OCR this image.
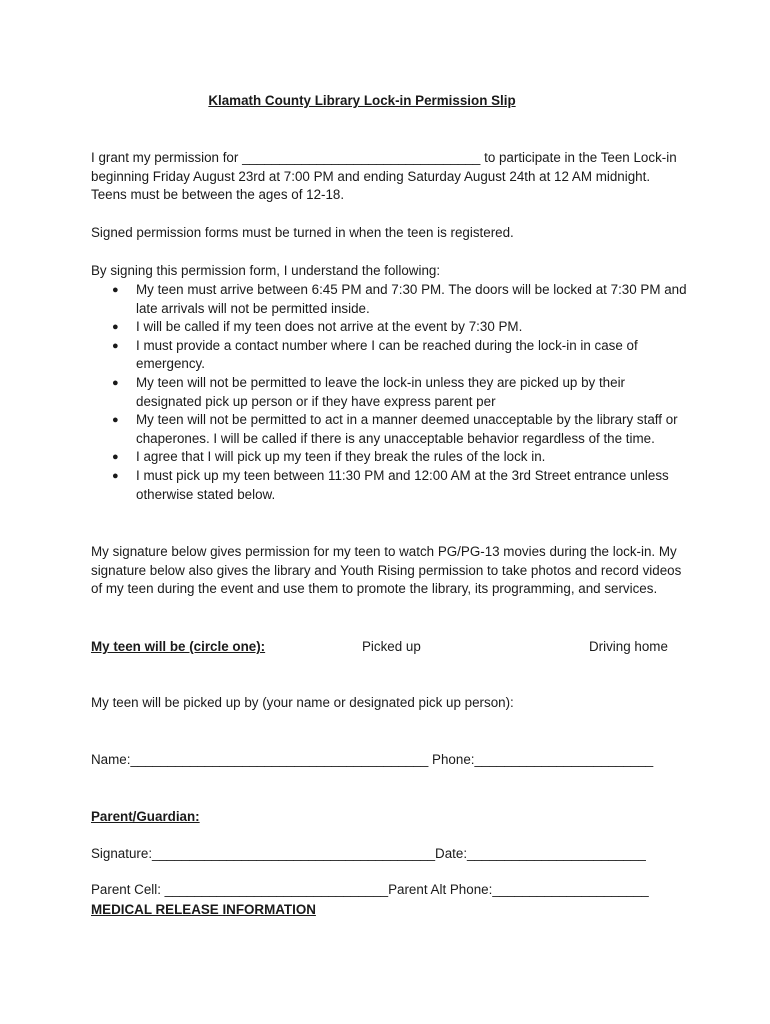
Klamath County Library Lock-in Permission Slip

I grant my permission for ________________________________ to participate in the Teen Lock-in beginning Friday August 23rd at 7:00 PM and ending Saturday August 24th at 12 AM midnight. Teens must be between the ages of 12-18.

Signed permission forms must be turned in when the teen is registered.

By signing this permission form, I understand the following:

● My teen must arrive between 6:45 PM and 7:30 PM. The doors will be locked at 7:30 PM and late arrivals will not be permitted inside.
● I will be called if my teen does not arrive at the event by 7:30 PM.
● I must provide a contact number where I can be reached during the lock-in in case of emergency.
● My teen will not be permitted to leave the lock-in unless they are picked up by their designated pick up person or if they have express parent per
● My teen will not be permitted to act in a manner deemed unacceptable by the library staff or chaperones. I will be called if there is any unacceptable behavior regardless of the time.
● I agree that I will pick up my teen if they break the rules of the lock in.
● I must pick up my teen between 11:30 PM and 12:00 AM at the 3rd Street entrance unless otherwise stated below.

My signature below gives permission for my teen to watch PG/PG-13 movies during the lock-in. My signature below also gives the library and Youth Rising permission to take photos and record videos of my teen during the event and use them to promote the library, its programming, and services.

My teen will be (circle one):	Picked up	Driving home
My teen will be picked up by (your name or designated pick up person):
Name:________________________________________ Phone:________________________
Parent/Guardian:
Signature:______________________________________Date:________________________
Parent Cell: ______________________________Parent Alt Phone:_____________________
MEDICAL RELEASE INFORMATION
